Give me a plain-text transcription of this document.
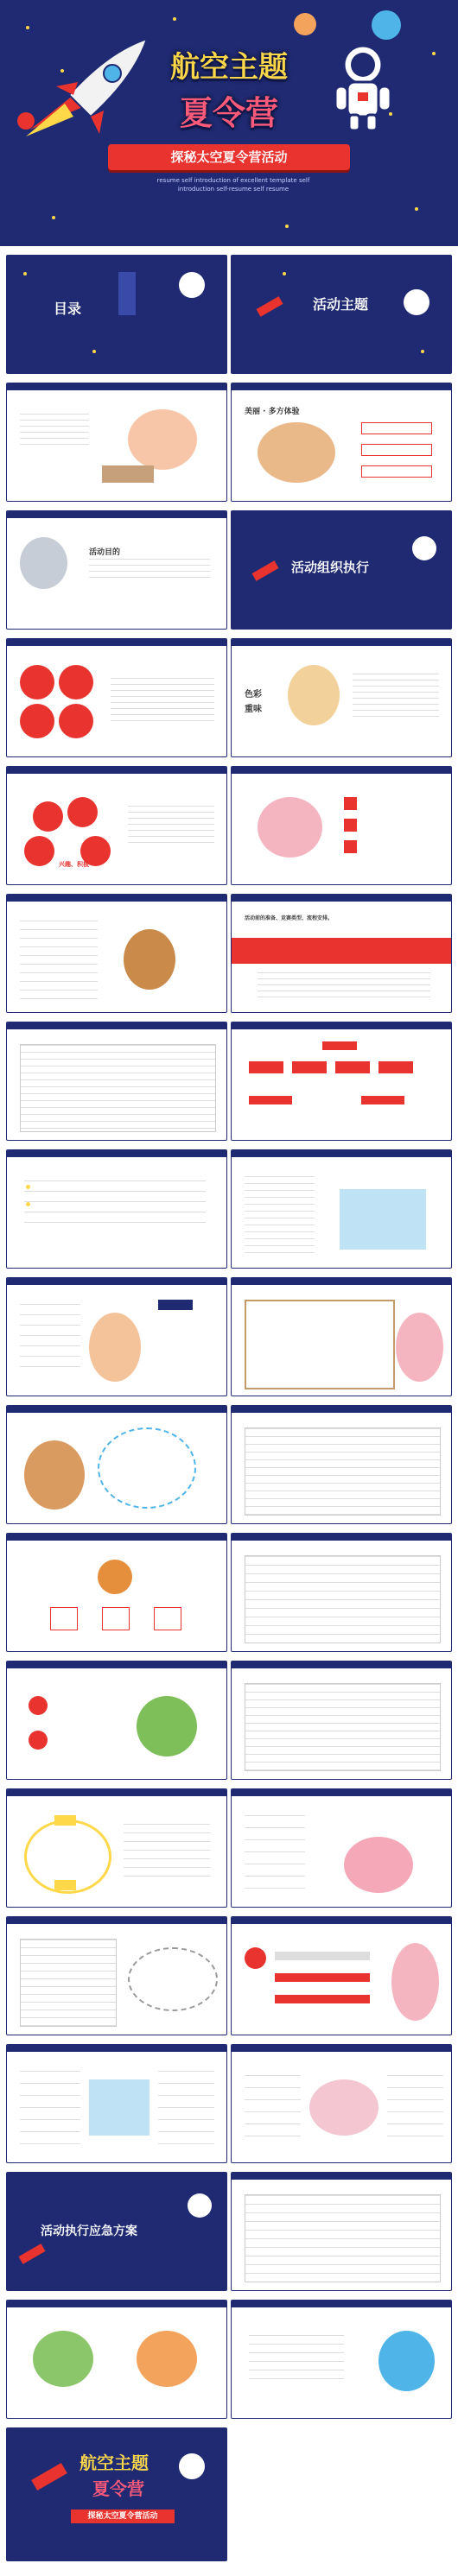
航空主题
夏令营
探秘太空夏令营活动
resume self introduction of excellent template self introduction self-resume self resume
目录	活动主题
美丽 · 多方体验
活动目的
活动组织执行
色彩
重味
兴趣、积极
活动前的准备、竞赛类型、流程安排。
活动执行应急方案
航空主题
夏令营
探秘太空夏令营活动
